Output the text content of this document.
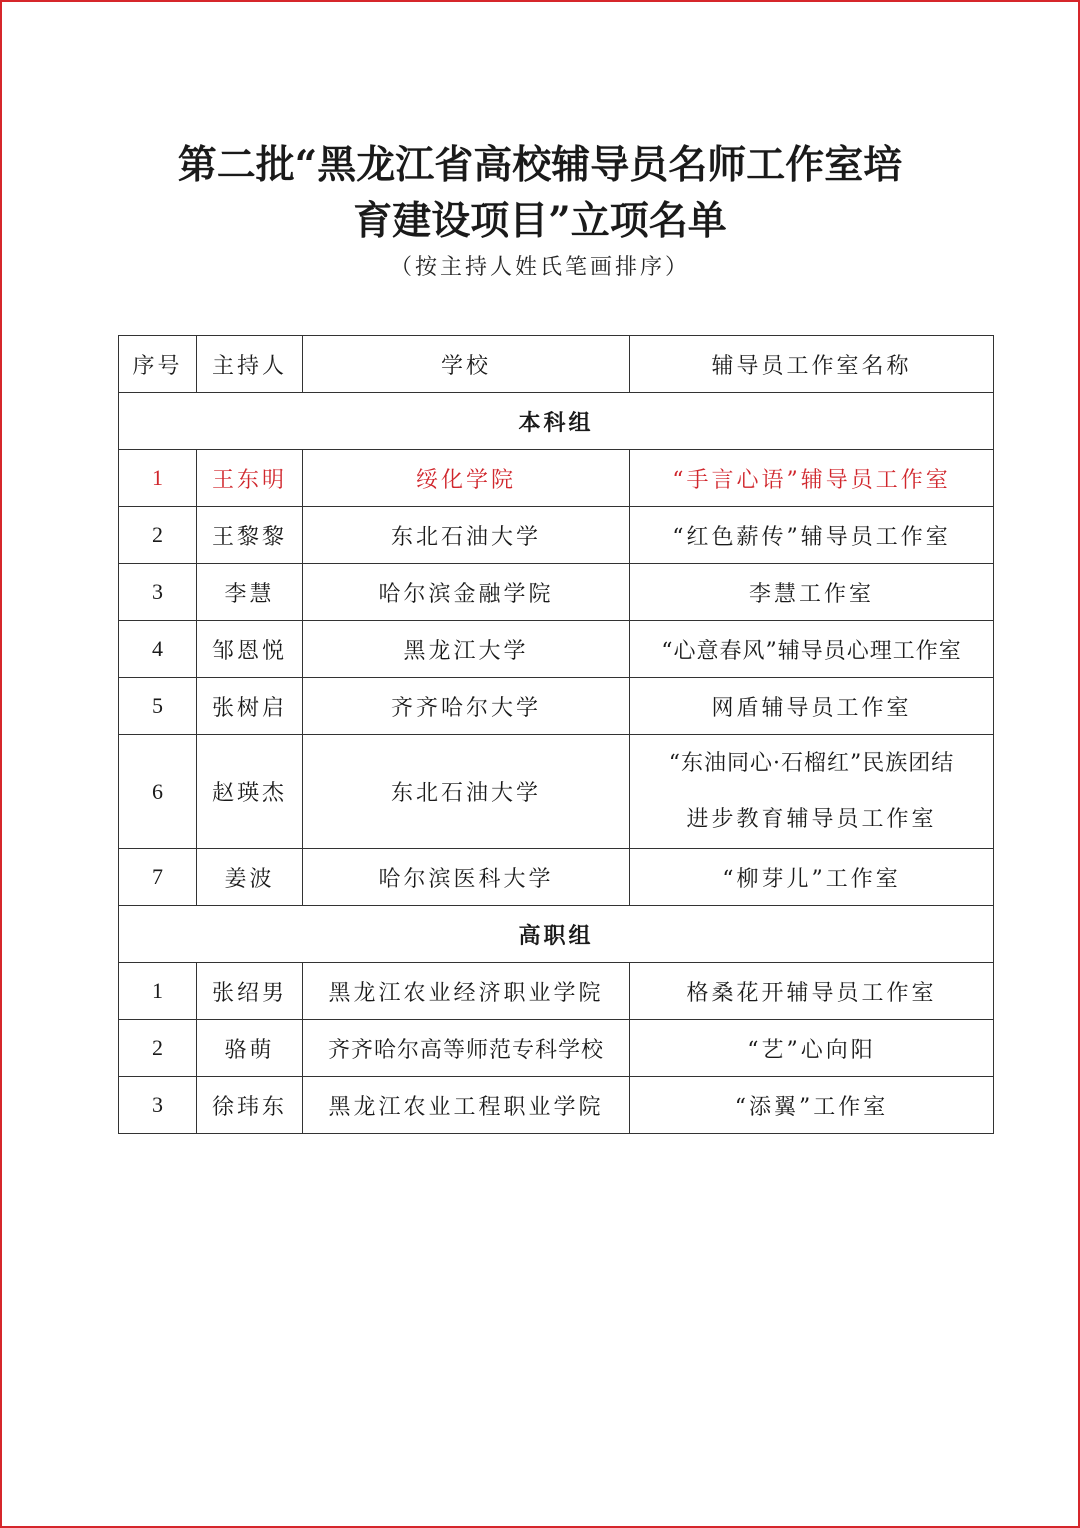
第二批“黑龙江省高校辅导员名师工作室培
育建设项目”立项名单
（按主持人姓氏笔画排序）
序号	主持人	学校	辅导员工作室名称
本科组			
1	王东明	绥化学院	“手言心语”辅导员工作室
2	王黎黎	东北石油大学	“红色薪传”辅导员工作室
3	李慧	哈尔滨金融学院	李慧工作室
4	邹恩悦	黑龙江大学	“心意春风”辅导员心理工作室
5	张树启	齐齐哈尔大学	网盾辅导员工作室
6	赵瑛杰	东北石油大学	“东油同心·石榴红”民族团结
进步教育辅导员工作室

7	姜波	哈尔滨医科大学	“柳芽儿”工作室
高职组			
1	张绍男	黑龙江农业经济职业学院	格桑花开辅导员工作室
2	骆萌	齐齐哈尔高等师范专科学校	“艺”心向阳
3	徐玮东	黑龙江农业工程职业学院	“添翼”工作室
